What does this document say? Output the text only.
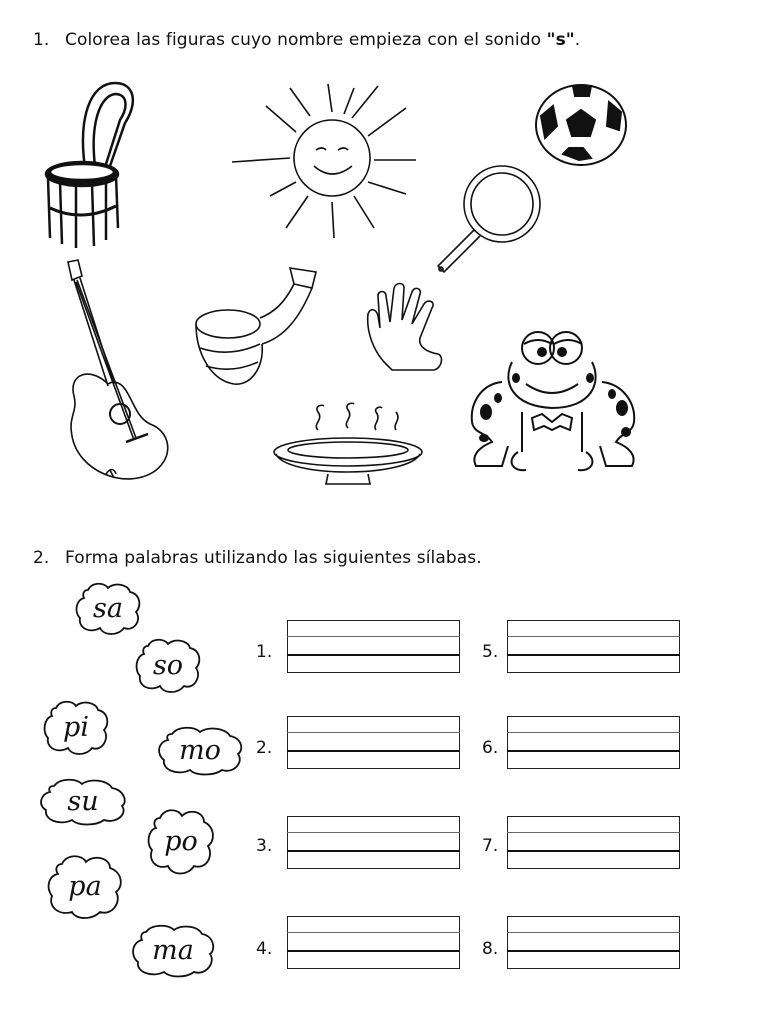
1. Colorea las figuras cuyo nombre empieza con el sonido "s".
2. Forma palabras utilizando las siguientes sílabas.
sa
so
pi
mo
su
po
pa
ma
1.
2.
3.
4.
5.
6.
7.
8.
